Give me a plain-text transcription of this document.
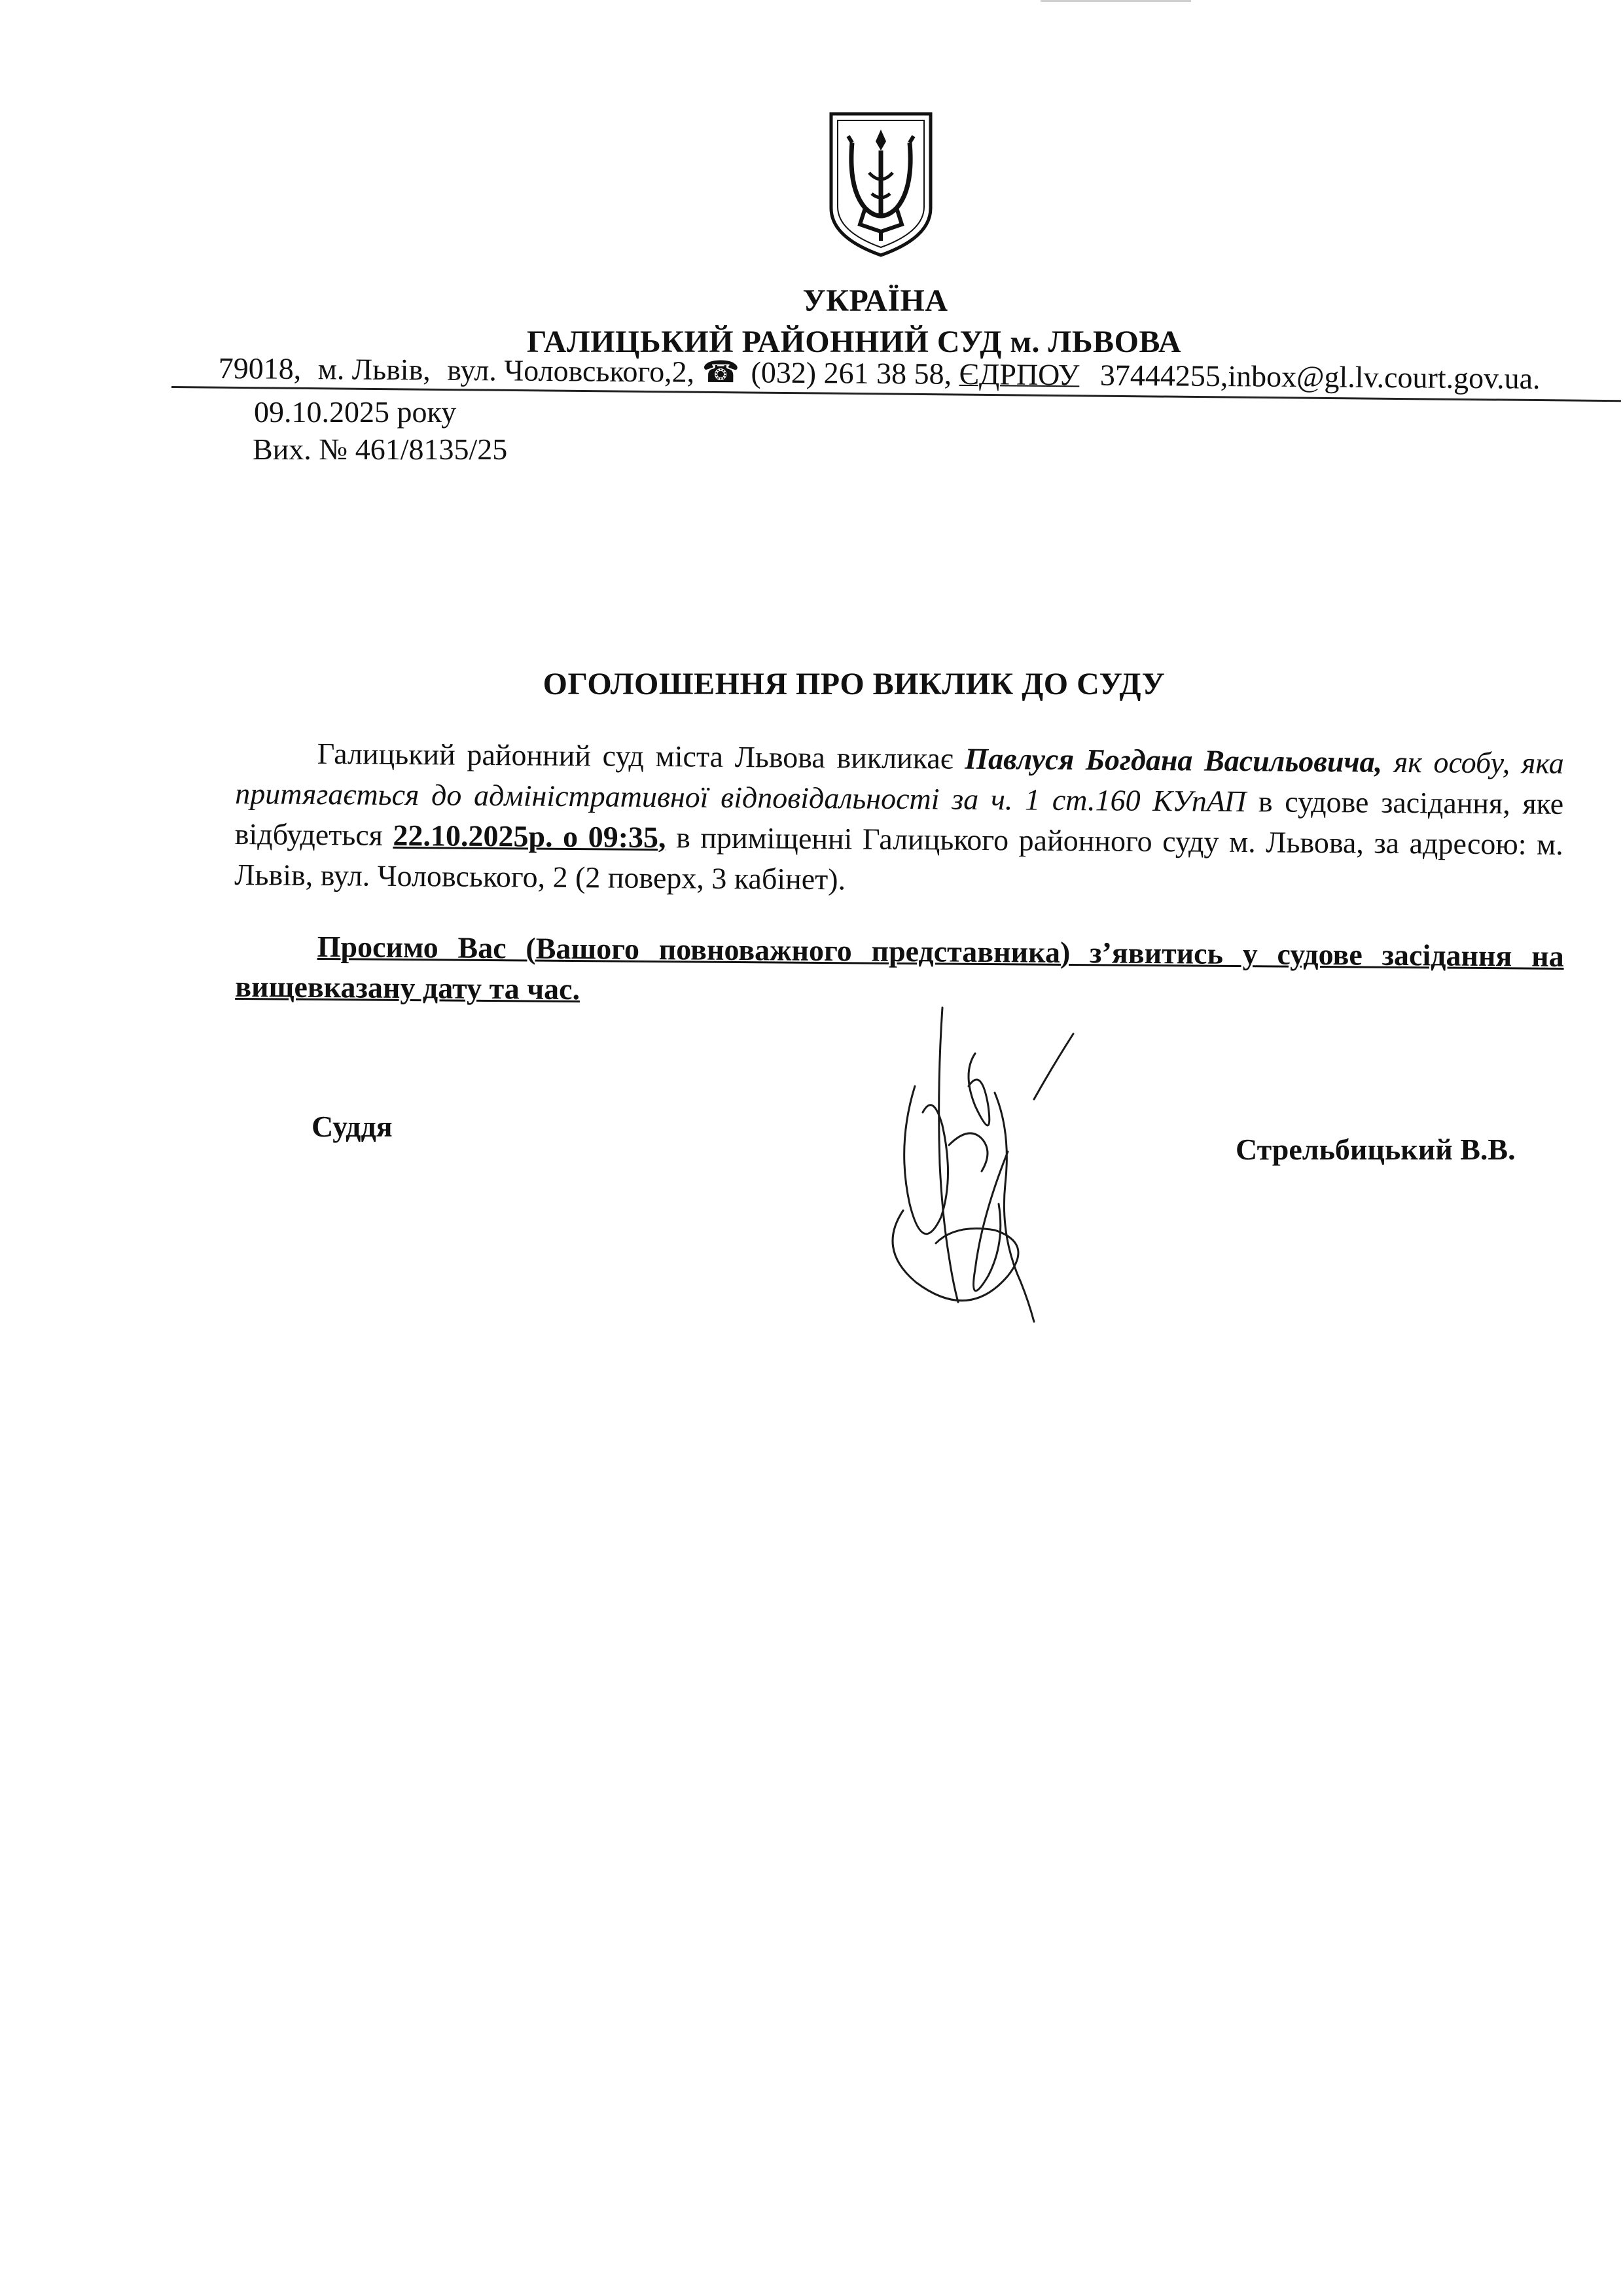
УКРАЇНА
ГАЛИЦЬКИЙ РАЙОННИЙ СУД м. ЛЬВОВА
79018, м. Львів, вул. Чоловського,2, ☎ (032) 261 38 58, ЄДРПОУ 37444255,inbox@gl.lv.court.gov.ua.
09.10.2025 року
Вих. № 461/8135/25
ОГОЛОШЕННЯ ПРО ВИКЛИК ДО СУДУ
Галицький районний суд міста Львова викликає Павлуся Богдана Васильовича, як особу, яка притягається до адміністративної відповідальності за ч. 1 ст.160 КУпАП в судове засідання, яке відбудеться 22.10.2025р. о 09:35, в приміщенні Галицького районного суду м. Львова, за адресою: м. Львів, вул. Чоловського, 2 (2 поверх, 3 кабінет).
Просимо Вас (Вашого повноважного представника) з’явитись у судове засідання на вищевказану дату та час.
Суддя
Стрельбицький В.В.
